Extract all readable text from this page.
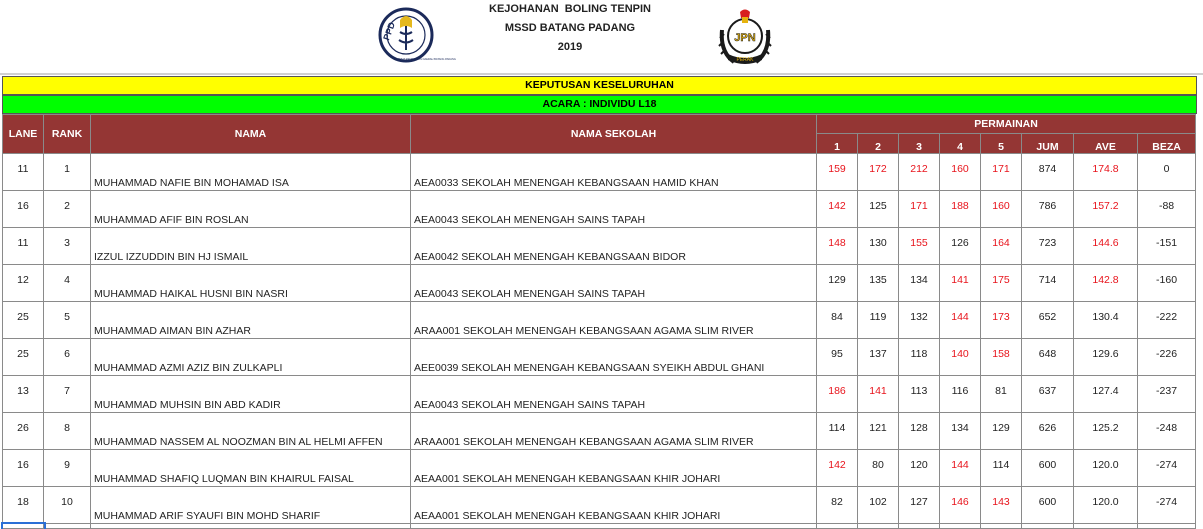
PPD
PEJABAT PENDIDIKAN DAERAH BATANG PADANG
KEJOHANAN  BOLING TENPIN
MSSD BATANG PADANG
2019
JPN
PERAK
KEPUTUSAN KESELURUHAN
ACARA : INDIVIDU L18
LANE	RANK	NAMA	NAMA SEKOLAH	PERMAINAN							
				1	2	3	4	5	JUM	AVE	BEZA
11	1	MUHAMMAD NAFIE BIN MOHAMAD ISA	AEA0033 SEKOLAH MENENGAH KEBANGSAAN HAMID KHAN	159	172	212	160	171	874	174.8	0
16	2	MUHAMMAD AFIF BIN ROSLAN	AEA0043 SEKOLAH MENENGAH SAINS TAPAH	142	125	171	188	160	786	157.2	-88
11	3	IZZUL IZZUDDIN BIN HJ ISMAIL	AEA0042 SEKOLAH MENENGAH KEBANGSAAN BIDOR	148	130	155	126	164	723	144.6	-151
12	4	MUHAMMAD HAIKAL HUSNI BIN NASRI	AEA0043 SEKOLAH MENENGAH SAINS TAPAH	129	135	134	141	175	714	142.8	-160
25	5	MUHAMMAD AIMAN BIN AZHAR	ARAA001 SEKOLAH MENENGAH KEBANGSAAN AGAMA SLIM RIVER	84	119	132	144	173	652	130.4	-222
25	6	MUHAMMAD AZMI AZIZ BIN ZULKAPLI	AEE0039 SEKOLAH MENENGAH KEBANGSAAN SYEIKH ABDUL GHANI	95	137	118	140	158	648	129.6	-226
13	7	MUHAMMAD MUHSIN BIN ABD KADIR	AEA0043 SEKOLAH MENENGAH SAINS TAPAH	186	141	113	116	81	637	127.4	-237
26	8	MUHAMMAD NASSEM AL NOOZMAN BIN AL HELMI AFFEN	ARAA001 SEKOLAH MENENGAH KEBANGSAAN AGAMA SLIM RIVER	114	121	128	134	129	626	125.2	-248
16	9	MUHAMMAD SHAFIQ LUQMAN BIN KHAIRUL FAISAL	AEAA001 SEKOLAH MENENGAH KEBANGSAAN KHIR JOHARI	142	80	120	144	114	600	120.0	-274
18	10	MUHAMMAD ARIF SYAUFI BIN MOHD SHARIF	AEAA001 SEKOLAH MENENGAH KEBANGSAAN KHIR JOHARI	82	102	127	146	143	600	120.0	-274
